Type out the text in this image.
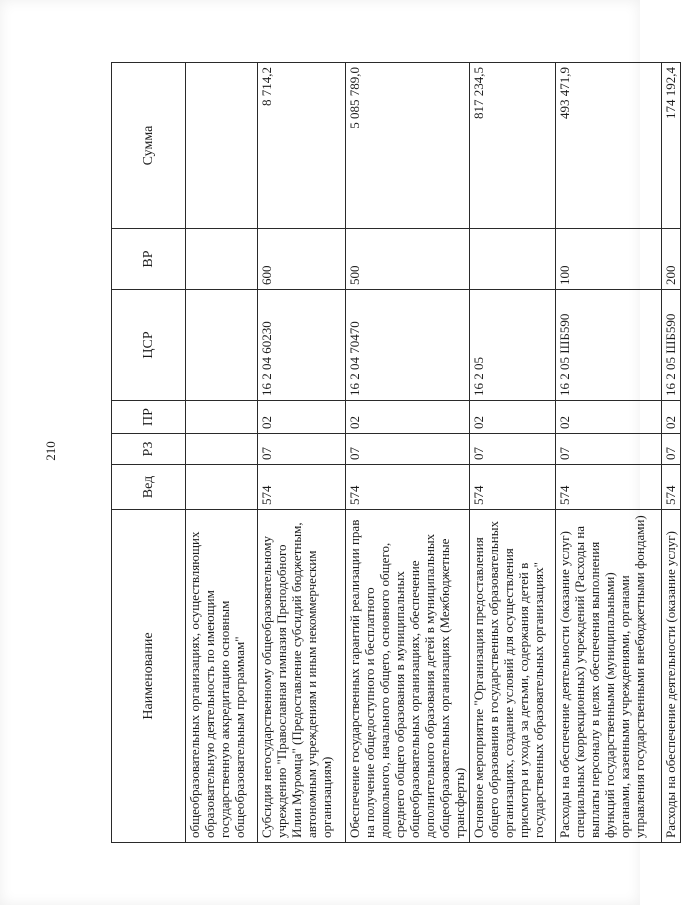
210
Наименование	Вед	РЗ	ПР	ЦСР	ВР	Сумма
общеобразовательных организациях, осуществляющих образовательную деятельность по имеющим государственную аккредитацию основным общеобразовательным программам"						
Субсидия негосударственному общеобразовательному учреждению "Православная гимназия Преподобного Илии Муромца" (Предоставление субсидий бюджетным, автономным учреждениям и иным некоммерческим организациям)	574	07	02	16 2 04 60230	600	8 714,2
Обеспечение государственных гарантий реализации прав на получение общедоступного и бесплатного дошкольного, начального общего, основного общего, среднего общего образования в муниципальных общеобразовательных организациях, обеспечение дополнительного образования детей в муниципальных общеобразовательных организациях (Межбюджетные трансферты)	574	07	02	16 2 04 70470	500	5 085 789,0
Основное мероприятие "Организация предоставления общего образования в государственных образовательных организациях, создание условий для осуществления присмотра и ухода за детьми, содержания детей в государственных образовательных организациях"	574	07	02	16 2 05		817 234,5
Расходы на обеспечение деятельности (оказание услуг) специальных (коррекционных) учреждений (Расходы на выплаты персоналу в целях обеспечения выполнения функций государственными (муниципальными) органами, казенными учреждениями, органами управления государственными внебюджетными фондами)	574	07	02	16 2 05 ШБ590	100	493 471,9
Расходы на обеспечение деятельности (оказание услуг)	574	07	02	16 2 05 ШБ590	200	174 192,4
